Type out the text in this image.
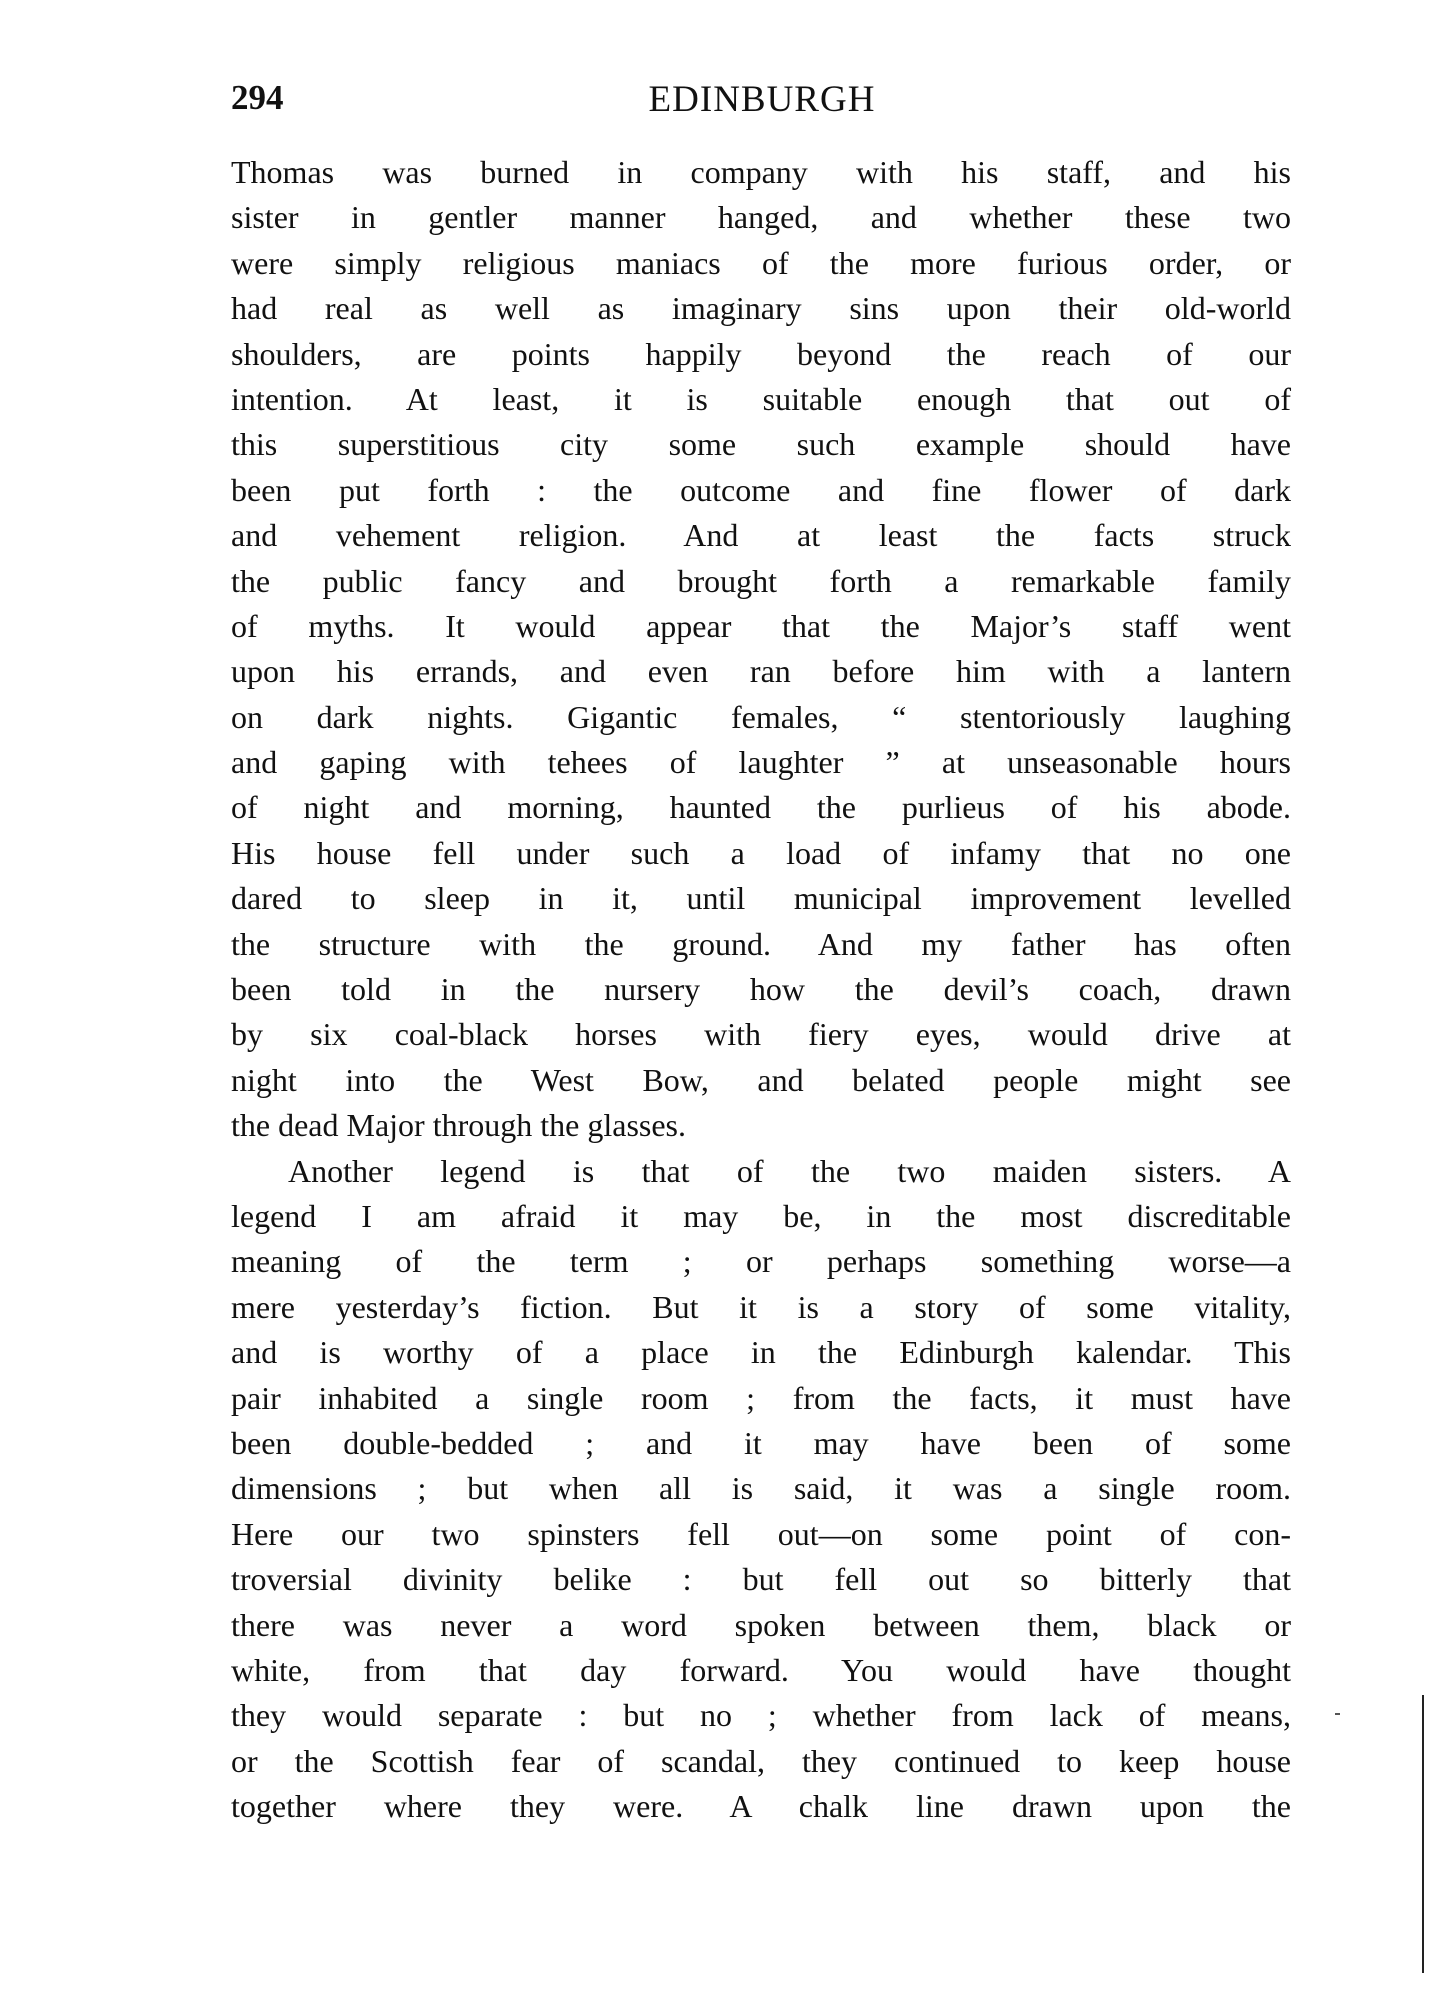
294	EDINBURGH
Thomas was burned in company with his staff, and his
sister in gentler manner hanged, and whether these two
were simply religious maniacs of the more furious order, or
had real as well as imaginary sins upon their old-world
shoulders, are points happily beyond the reach of our
intention. At least, it is suitable enough that out of
this superstitious city some such example should have
been put forth : the outcome and fine flower of dark
and vehement religion. And at least the facts struck
the public fancy and brought forth a remarkable family
of myths. It would appear that the Major’s staff went
upon his errands, and even ran before him with a lantern
on dark nights. Gigantic females, “ stentoriously laughing
and gaping with tehees of laughter ” at unseasonable hours
of night and morning, haunted the purlieus of his abode.
His house fell under such a load of infamy that no one
dared to sleep in it, until municipal improvement levelled
the structure with the ground. And my father has often
been told in the nursery how the devil’s coach, drawn
by six coal-black horses with fiery eyes, would drive at
night into the West Bow, and belated people might see
the dead Major through the glasses.
Another legend is that of the two maiden sisters. A
legend I am afraid it may be, in the most discreditable
meaning of the term ; or perhaps something worse—a
mere yesterday’s fiction. But it is a story of some vitality,
and is worthy of a place in the Edinburgh kalendar. This
pair inhabited a single room ; from the facts, it must have
been double-bedded ; and it may have been of some
dimensions ; but when all is said, it was a single room.
Here our two spinsters fell out—on some point of con-
troversial divinity belike : but fell out so bitterly that
there was never a word spoken between them, black or
white, from that day forward. You would have thought
they would separate : but no ; whether from lack of means,
or the Scottish fear of scandal, they continued to keep house
together where they were. A chalk line drawn upon the
